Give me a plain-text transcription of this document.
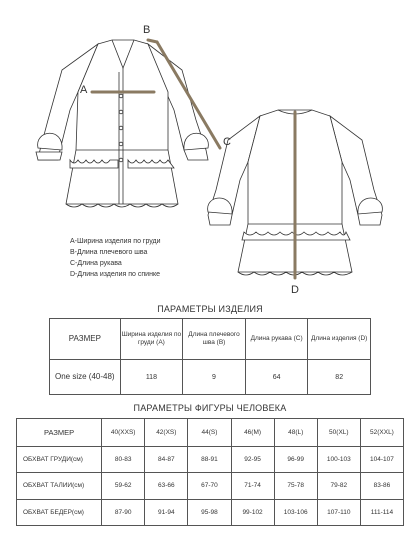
A
B
C
D
A-Ширина изделия по груди
B-Длина плечевого шва
C-Длина рукава
D-Длина изделия по спинке
ПАРАМЕТРЫ ИЗДЕЛИЯ
РАЗМЕР	Ширина изделия по груди (A)	Длина плечевого шва (B)	Длина рукава (C)	Длина изделия (D)
One size (40-48)	118	9	64	82
ПАРАМЕТРЫ ФИГУРЫ ЧЕЛОВЕКА
РАЗМЕР	40(XXS)	42(XS)	44(S)	46(M)	48(L)	50(XL)	52(XXL)
ОБХВАТ ГРУДИ(см)	80-83	84-87	88-91	92-95	96-99	100-103	104-107
ОБХВАТ ТАЛИИ(см)	59-62	63-66	67-70	71-74	75-78	79-82	83-86
ОБХВАТ БЕДЕР(см)	87-90	91-94	95-98	99-102	103-106	107-110	111-114
